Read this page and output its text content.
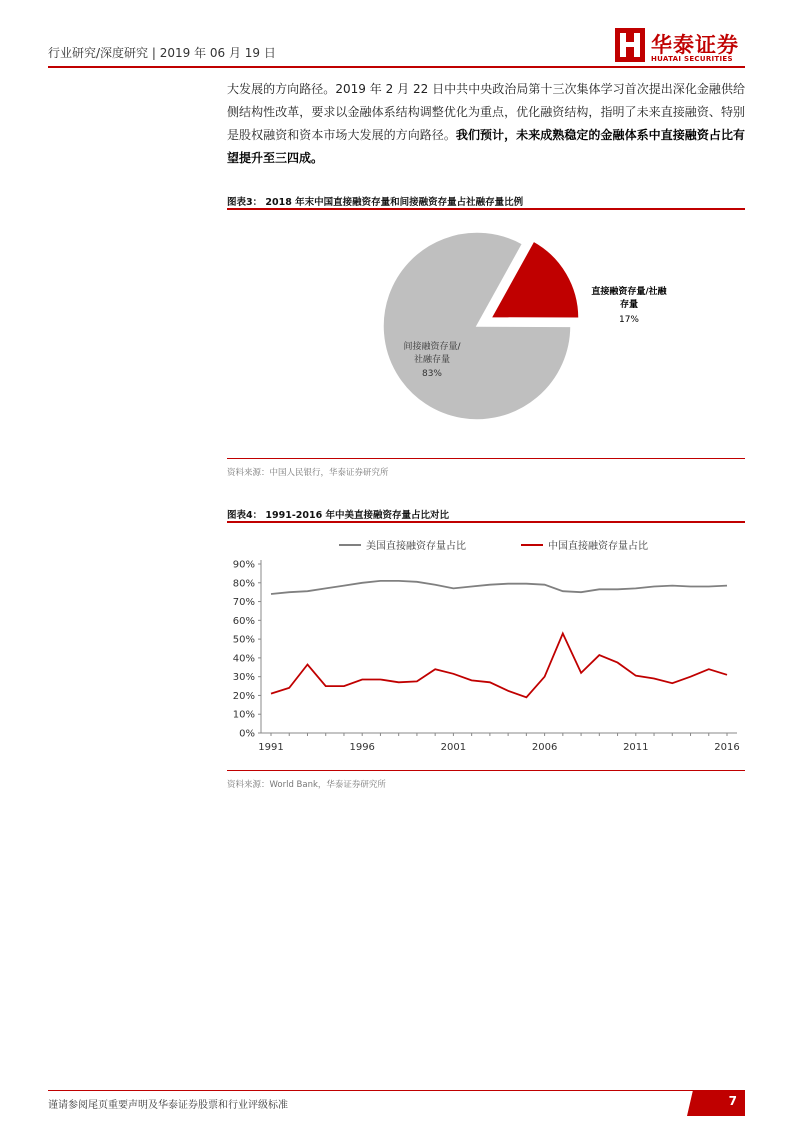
行业研究/深度研究 | 2019 年 06 月 19 日	华泰证券
HUATAI SECURITIES
大发展的方向路径。2019 年 2 月 22 日中共中央政治局第十三次集体学习首次提出深化金融供给侧结构性改革，要求以金融体系结构调整优化为重点，优化融资结构，指明了未来直接融资、特别是股权融资和资本市场大发展的方向路径。我们预计，未来成熟稳定的金融体系中直接融资占比有望提升至三四成。
图表3： 2018 年末中国直接融资存量和间接融资存量占社融存量比例
直接融资存量/社融
存量
17%
间接融资存量/
社融存量
83%
资料来源：中国人民银行，华泰证券研究所
图表4： 1991-2016 年中美直接融资存量占比对比
美国直接融资存量占比	中国直接融资存量占比
0%
10%
20%
30%
40%
50%
60%
70%
80%
90%
1991	1996	2001	2006	2011	2016
资料来源：World Bank，华泰证券研究所
谨请参阅尾页重要声明及华泰证券股票和行业评级标准	7
